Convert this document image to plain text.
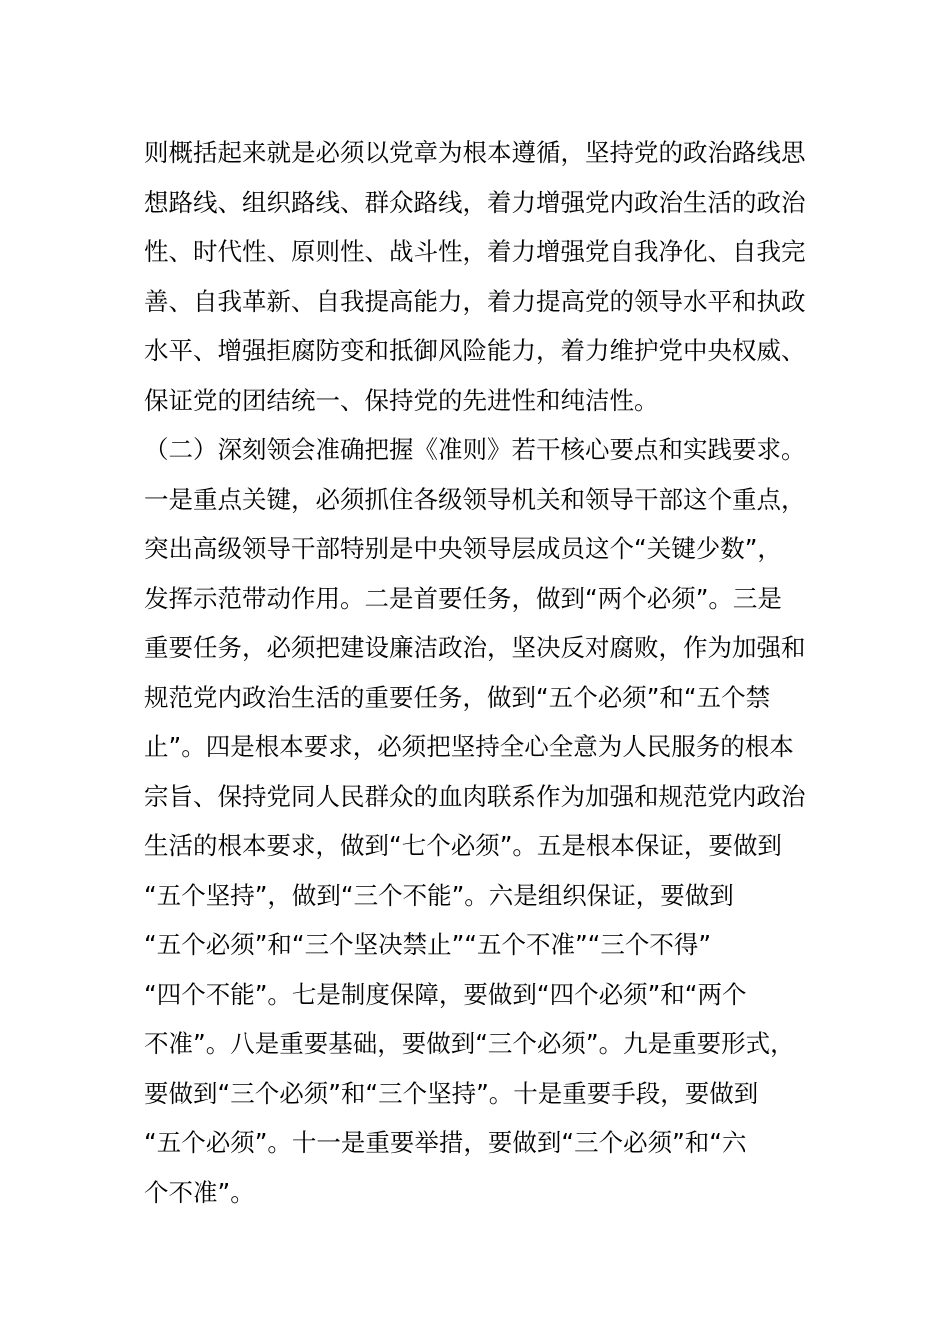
则概括起来就是必须以党章为根本遵循，坚持党的政治路线思
想路线、组织路线、群众路线，着力增强党内政治生活的政治
性、时代性、原则性、战斗性，着力增强党自我净化、自我完
善、自我革新、自我提高能力，着力提高党的领导水平和执政
水平、增强拒腐防变和抵御风险能力，着力维护党中央权威、
保证党的团结统一、保持党的先进性和纯洁性。
（二）深刻领会准确把握《准则》若干核心要点和实践要求。
一是重点关键，必须抓住各级领导机关和领导干部这个重点，
突出高级领导干部特别是中央领导层成员这个“关键少数”，
发挥示范带动作用。二是首要任务，做到“两个必须”。三是
重要任务，必须把建设廉洁政治，坚决反对腐败，作为加强和
规范党内政治生活的重要任务，做到“五个必须”和“五个禁
止”。四是根本要求，必须把坚持全心全意为人民服务的根本
宗旨、保持党同人民群众的血肉联系作为加强和规范党内政治
生活的根本要求，做到“七个必须”。五是根本保证，要做到
“五个坚持”，做到“三个不能”。六是组织保证，要做到
“五个必须”和“三个坚决禁止”“五个不准”“三个不得”
“四个不能”。七是制度保障，要做到“四个必须”和“两个
不准”。八是重要基础，要做到“三个必须”。九是重要形式，
要做到“三个必须”和“三个坚持”。十是重要手段，要做到
“五个必须”。十一是重要举措，要做到“三个必须”和“六
个不准”。
